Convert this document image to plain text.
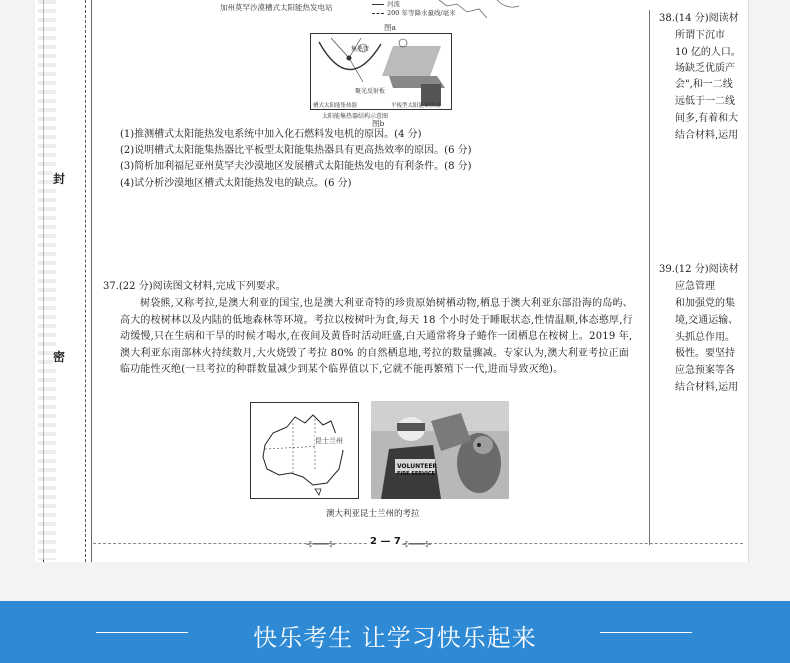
封
密
加州莫罕沙漠槽式太阳能热发电站	河流
200 年等降水量线/毫米
图a
集热管
聚光反射板
槽式太阳能集热器	平板型太阳能集热器
太阳能集热器结构示意图
图b
(1)推测槽式太阳能热发电系统中加入化石燃料发电机的原因。(4 分)
(2)说明槽式太阳能集热器比平板型太阳能集热器具有更高热效率的原因。(6 分)
(3)简析加利福尼亚州莫罕夫沙漠地区发展槽式太阳能热发电的有利条件。(8 分)
(4)试分析沙漠地区槽式太阳能热发电的缺点。(6 分)
37.(22 分)阅读图文材料,完成下列要求。
树袋熊,又称考拉,是澳大利亚的国宝,也是澳大利亚奇特的珍贵原始树栖动物,栖息于澳大利亚东部沿海的岛屿、高大的桉树林以及内陆的低地森林等环境。考拉以桉树叶为食,每天 18 个小时处于睡眠状态,性情温顺,体态憨厚,行动缓慢,只在生病和干旱的时候才喝水,在夜间及黄昏时活动旺盛,白天通常将身子蜷作一团栖息在桉树上。2019 年,澳大利亚东南部林火持续数月,大火烧毁了考拉 80% 的自然栖息地,考拉的数量骤减。专家认为,澳大利亚考拉正面临功能性灭绝(一旦考拉的种群数量减少到某个临界值以下,它就不能再繁殖下一代,进而导致灭绝)。
昆士兰州
VOLUNTEER
FIRE SERVICE
澳大利亚昆士兰州的考拉
38.(14 分)阅读材
所谓下沉市
10 亿的人口。
场缺乏优质产
会",和一二线
远低于一二线
间多,有着和大
结合材料,运用
39.(12 分)阅读材
应急管理
和加强党的集
境,交通运输、
头抓总作用。
极性。要坚持
应急预案等各
结合材料,运用
⊰━━━⊱	2 — 7 ⊰━━━⊱
快乐考生 让学习快乐起来
